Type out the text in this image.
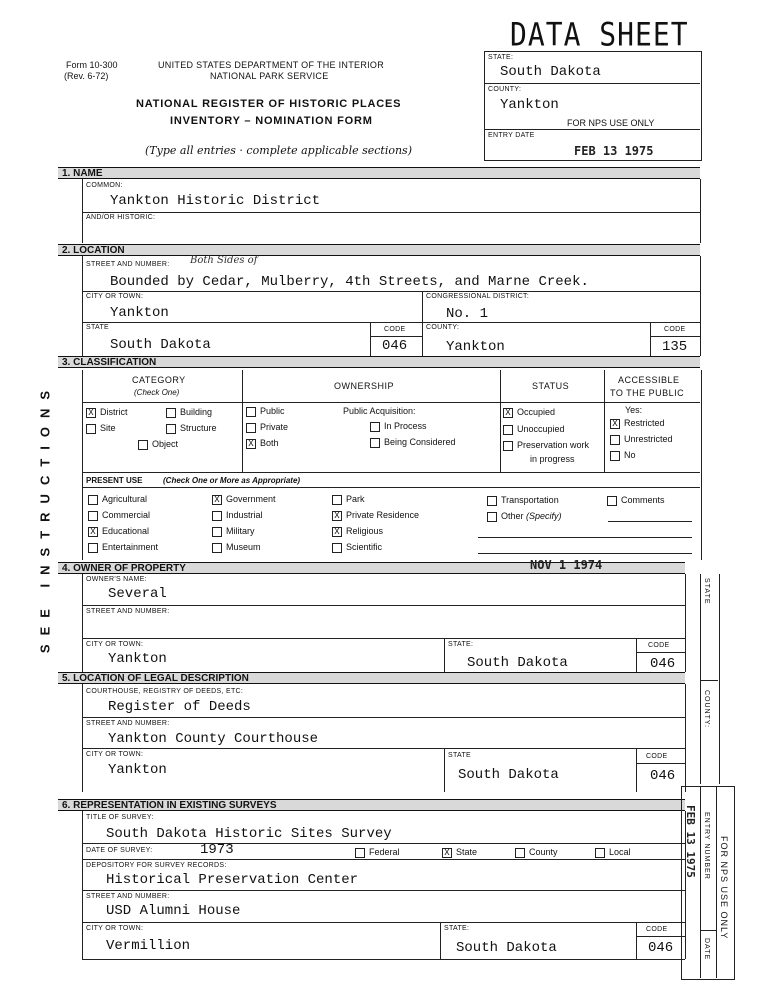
Form 10-300
(Rev. 6-72)
UNITED STATES DEPARTMENT OF THE INTERIOR
NATIONAL PARK SERVICE
NATIONAL REGISTER OF HISTORIC PLACES
INVENTORY – NOMINATION FORM
(Type all entries · complete applicable sections)
DATA SHEET
STATE:
South Dakota
COUNTY:
Yankton
FOR NPS USE ONLY
ENTRY DATE
FEB 13 1975
SEE INSTRUCTIONS
1. NAME
COMMON:
Yankton Historic District
AND/OR HISTORIC:
2. LOCATION
STREET AND NUMBER: Both Sides of
Bounded by Cedar, Mulberry, 4th Streets, and Marne Creek.
CITY OR TOWN:
Yankton
CONGRESSIONAL DISTRICT:
No. 1
STATE
South Dakota
CODE
046
COUNTY:
Yankton
CODE
135
3. CLASSIFICATION
CATEGORY
(Check One)
OWNERSHIP	STATUS
ACCESSIBLE
TO THE PUBLIC
X District	Building
Site	Structure
Object
Public
Private
X Both
Public Acquisition:
In Process
Being Considered
X Occupied
Unoccupied
Preservation work
in progress
Yes:
X Restricted
Unrestricted
No
PRESENT USE	(Check One or More as Appropriate)
Agricultural
Commercial
X Educational
Entertainment
X Government
Industrial
Military
Museum
Park
X Private Residence
X Religious
Scientific
Transportation
Other (Specify)
Comments
4. OWNER OF PROPERTY	NOV 1 1974
OWNER'S NAME:
Several
STREET AND NUMBER:
CITY OR TOWN:
Yankton
STATE:
South Dakota
CODE
046
5. LOCATION OF LEGAL DESCRIPTION
COURTHOUSE, REGISTRY OF DEEDS, ETC:
Register of Deeds
STREET AND NUMBER:
Yankton County Courthouse
CITY OR TOWN:
Yankton
STATE
South Dakota
CODE
046
6. REPRESENTATION IN EXISTING SURVEYS
TITLE OF SURVEY:
South Dakota Historic Sites Survey
DATE OF SURVEY:	1973	Federal	X State	County	Local
DEPOSITORY FOR SURVEY RECORDS:
Historical Preservation Center
STREET AND NUMBER:
USD Alumni House
CITY OR TOWN:
Vermillion
STATE:
South Dakota
CODE
046
STATE
COUNTY:
FEB 13 1975 ENTRY NUMBER
DATE
FOR NPS USE ONLY
